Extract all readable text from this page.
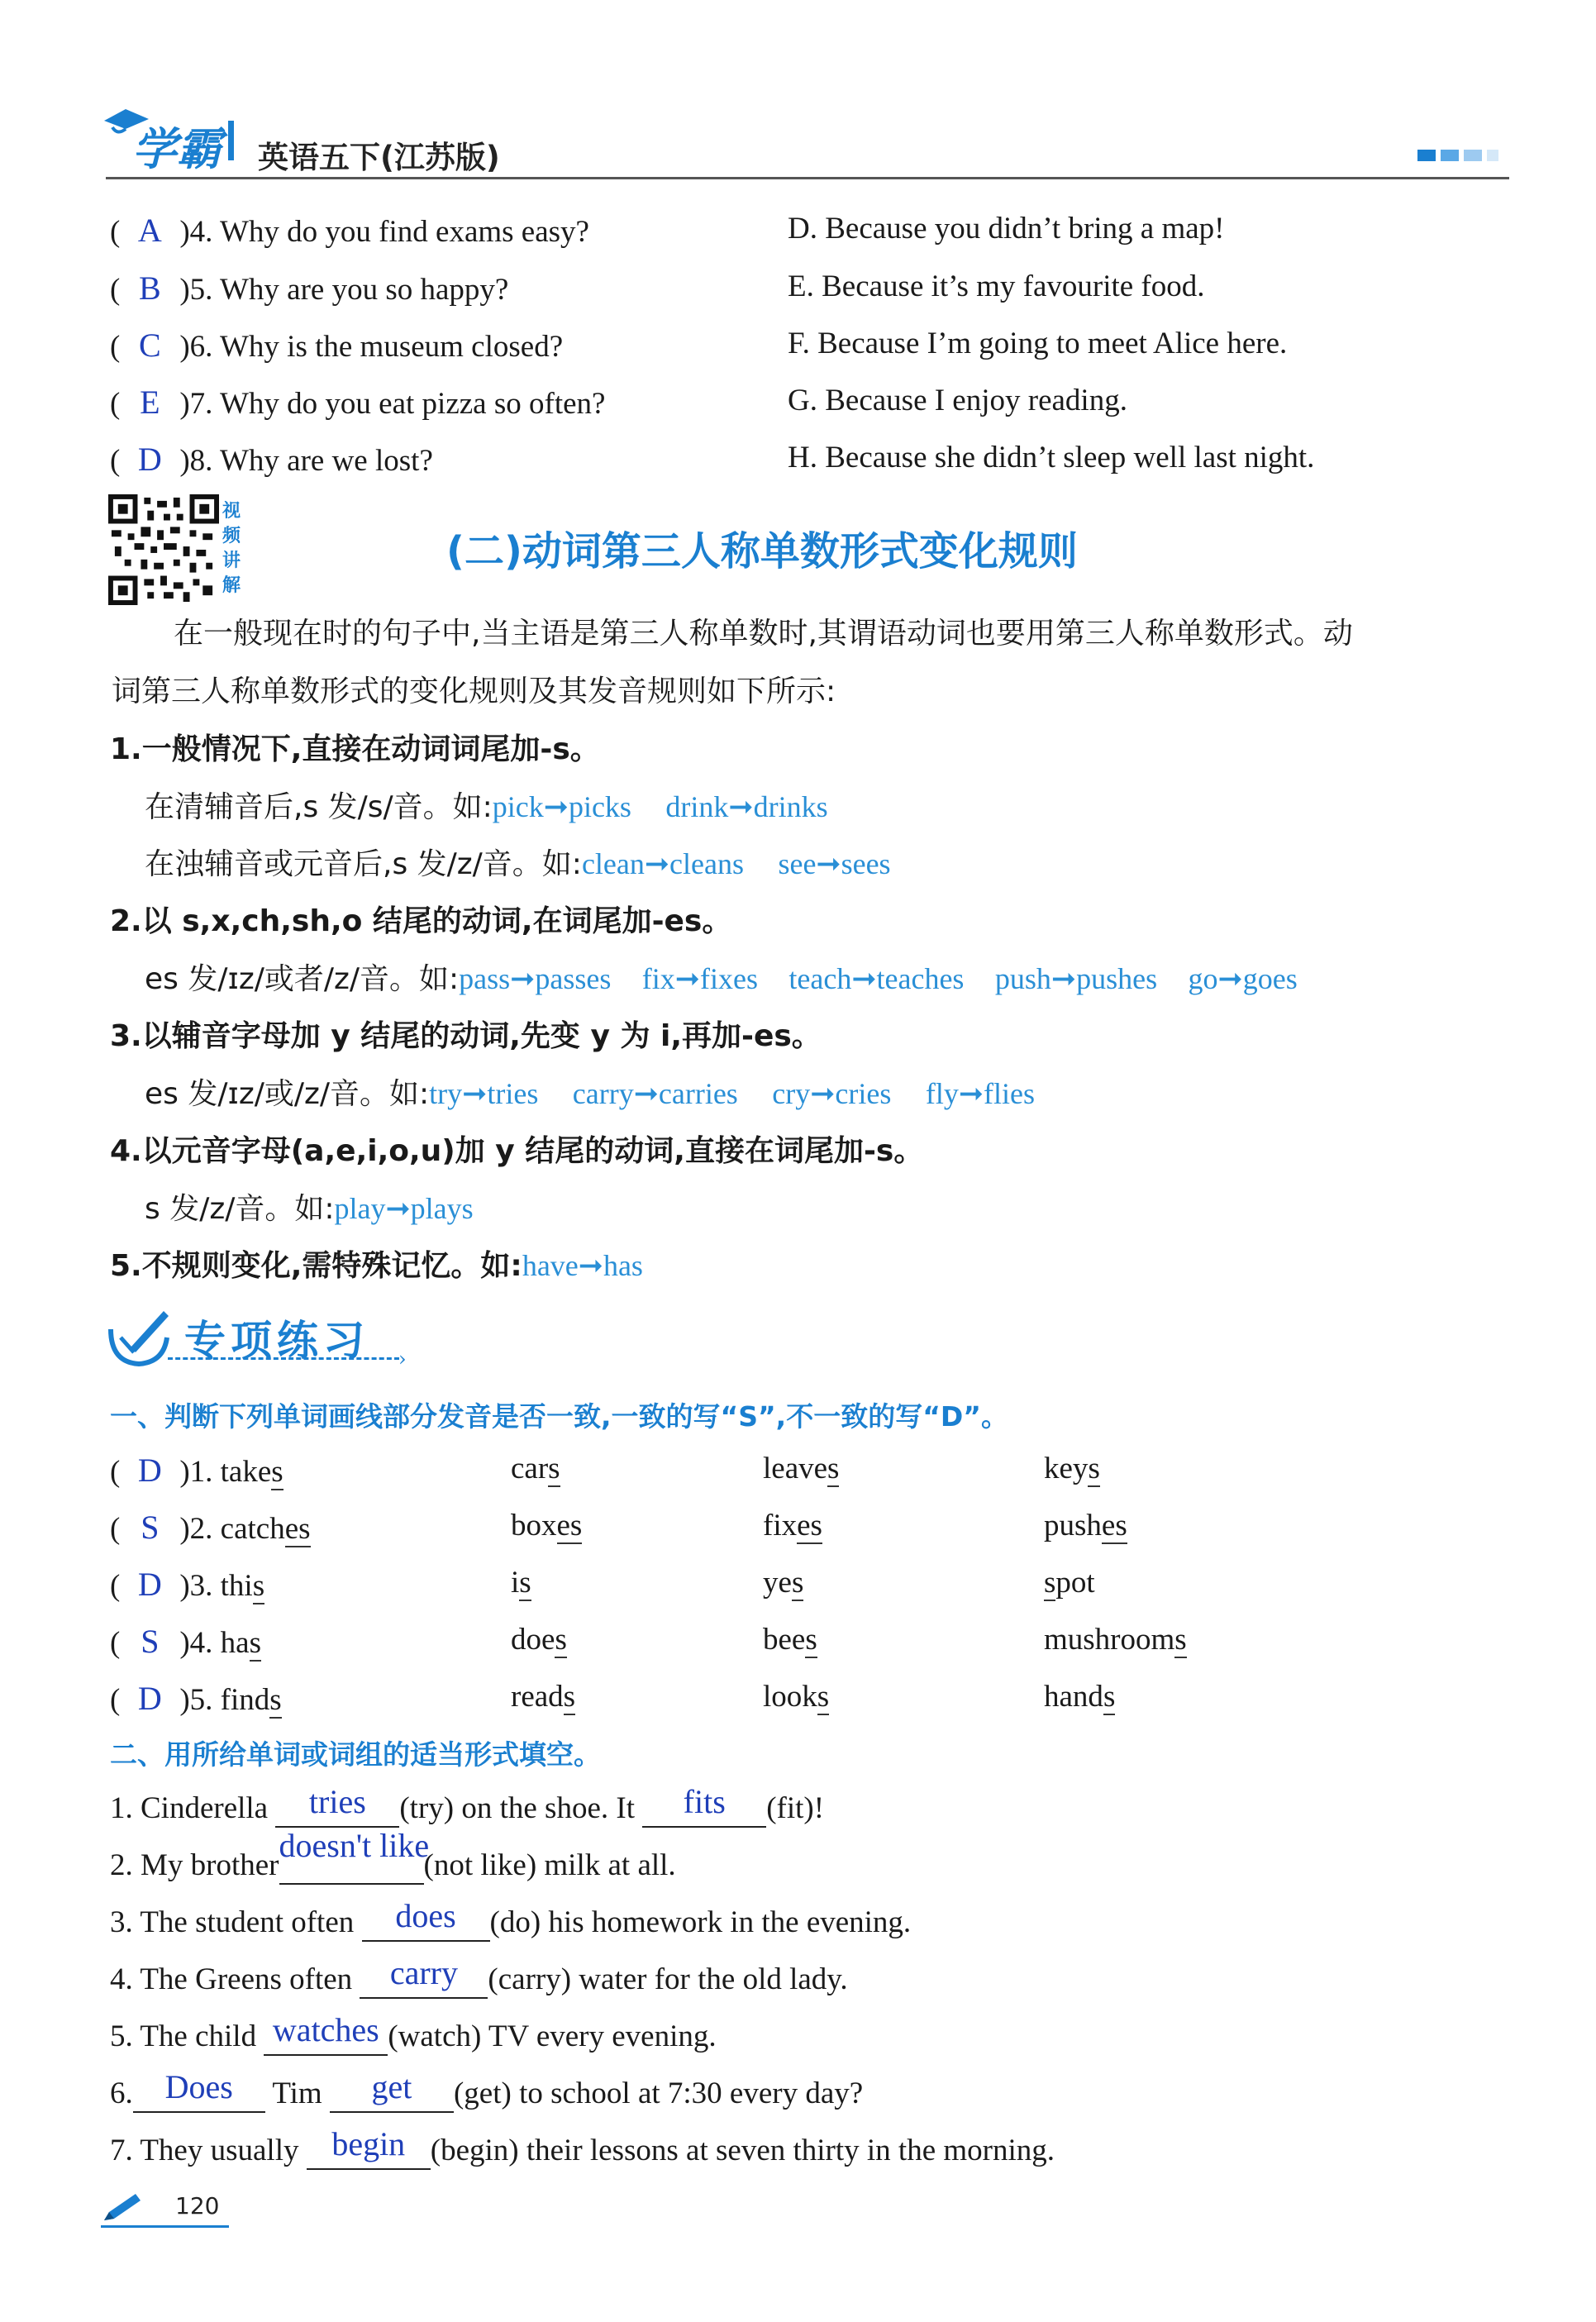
学霸 英语五下(江苏版)
( A )4. Why do you find exams easy?
( B )5. Why are you so happy?
( C )6. Why is the museum closed?
( E )7. Why do you eat pizza so often?
( D )8. Why are we lost?
D. Because you didn’t bring a map!
E. Because it’s my favourite food.
F. Because I’m going to meet Alice here.
G. Because I enjoy reading.
H. Because she didn’t sleep well last night.
视
频
讲
解
(二)动词第三人称单数形式变化规则
在一般现在时的句子中,当主语是第三人称单数时,其谓语动词也要用第三人称单数形式。动
词第三人称单数形式的变化规则及其发音规则如下所示:
1.一般情况下,直接在动词词尾加-s。
在清辅音后,s 发/s/音。如:pick➞picks drink➞drinks
在浊辅音或元音后,s 发/z/音。如:clean➞cleans see➞sees
2.以 s,x,ch,sh,o 结尾的动词,在词尾加-es。
es 发/ɪz/或者/z/音。如:pass➞passes fix➞fixes teach➞teaches push➞pushes go➞goes
3.以辅音字母加 y 结尾的动词,先变 y 为 i,再加-es。
es 发/ɪz/或/z/音。如:try➞tries carry➞carries cry➞cries fly➞flies
4.以元音字母(a,e,i,o,u)加 y 结尾的动词,直接在词尾加-s。
s 发/z/音。如:play➞plays
5.不规则变化,需特殊记忆。如:have➞has
专项练习 ›
一、判断下列单词画线部分发音是否一致,一致的写“S”,不一致的写“D”。
( D )1. takes	cars	leaves	keys
( S )2. catches	boxes	fixes	pushes
( D )3. this	is	yes	spot
( S )4. has	does	bees	mushrooms
( D )5. finds	reads	looks	hands
二、用所给单词或词组的适当形式填空。
1. Cinderella tries (try) on the shoe. It fits (fit)!
2. My brotherdoesn't like(not like) milk at all.
3. The student often does (do) his homework in the evening.
4. The Greens often carry (carry) water for the old lady.
5. The child watches (watch) TV every evening.
6. Does Tim get (get) to school at 7:30 every day?
7. They usually begin (begin) their lessons at seven thirty in the morning.
120
